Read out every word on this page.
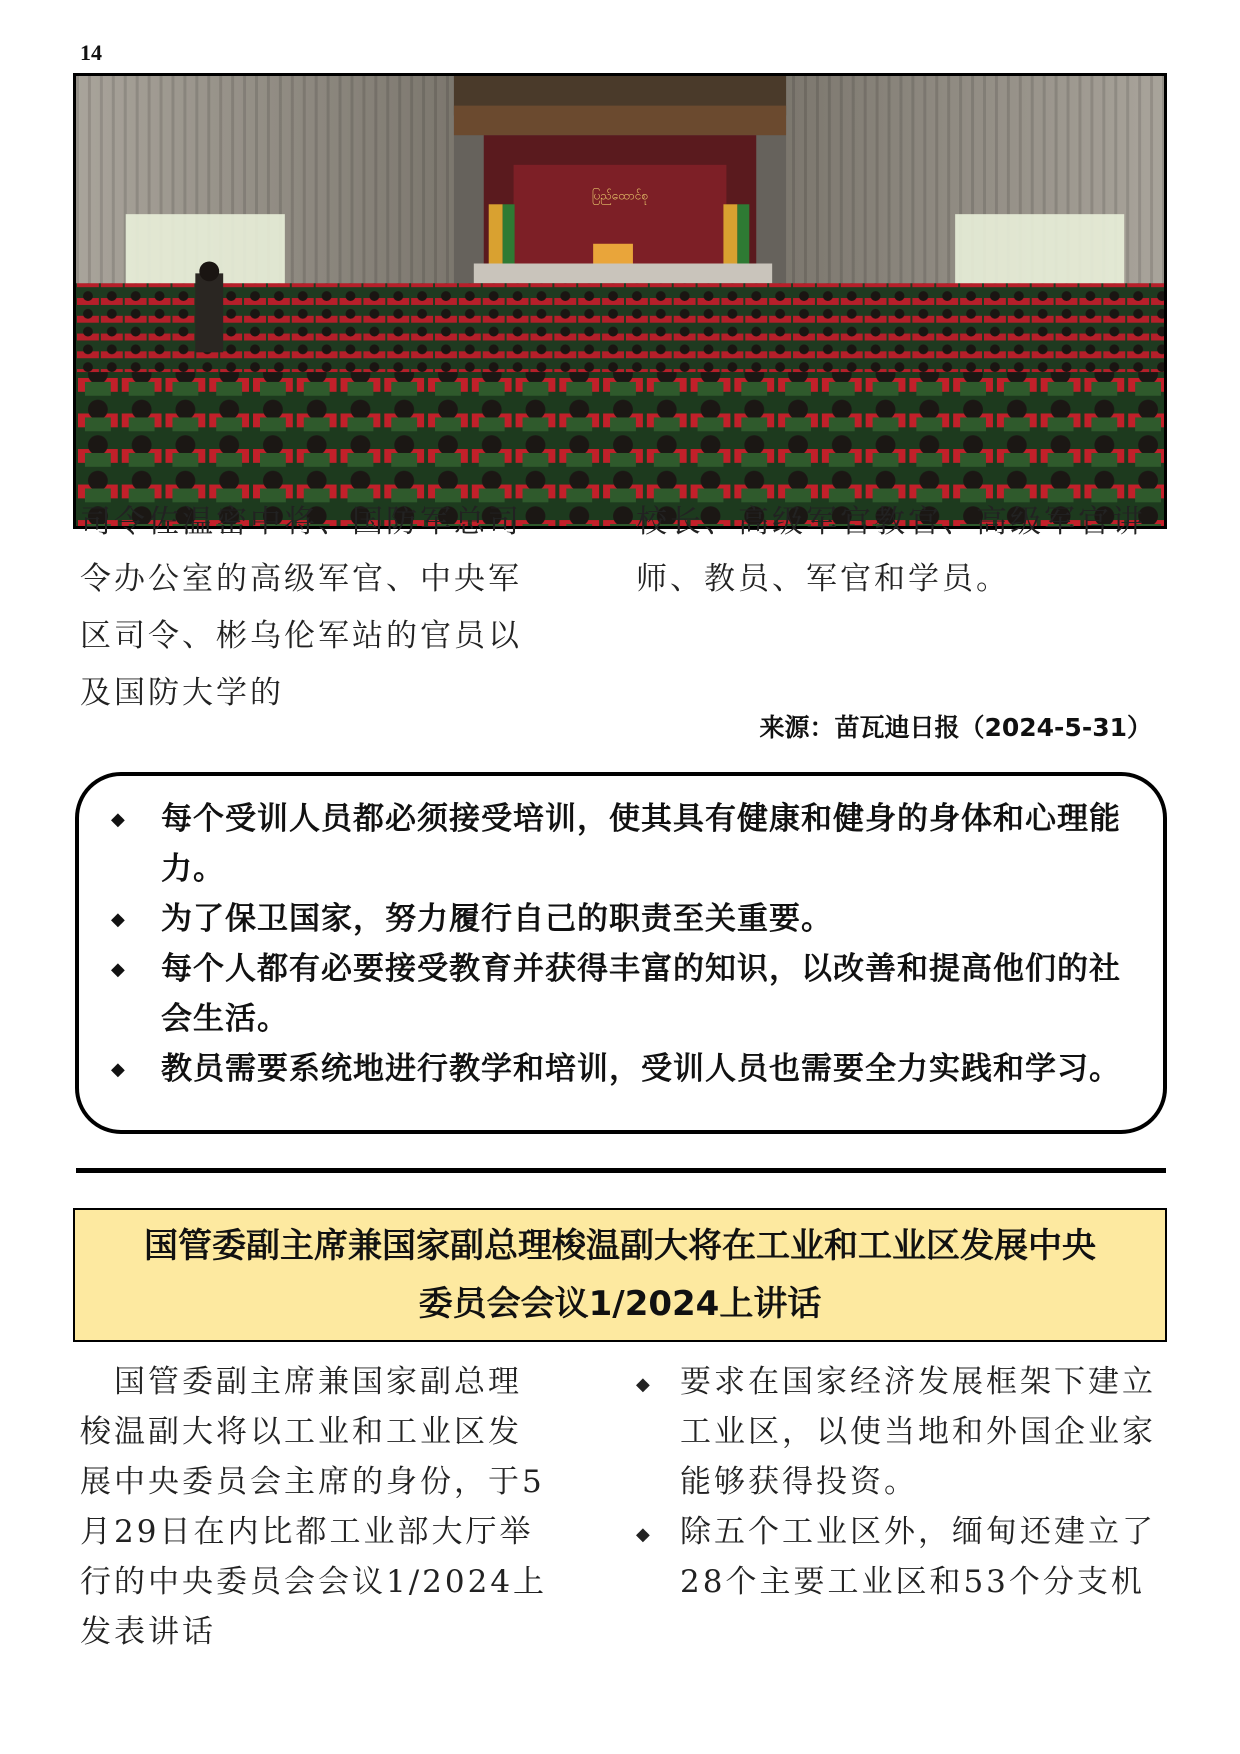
14
ပြည်ထောင်စု

司令佐温密中将、国防军总司令办公室的高级军官、中央军区司令、彬乌伦军站的官员以及国防大学的

校长、高级军官教官、高级军官讲师、教员、军官和学员。

来源：苗瓦迪日报（2024-5-31）
◆ 每个受训人员都必须接受培训，使其具有健康和健身的身体和心理能力。
◆ 为了保卫国家，努力履行自己的职责至关重要。
◆ 每个人都有必要接受教育并获得丰富的知识，以改善和提高他们的社会生活。
◆ 教员需要系统地进行教学和培训，受训人员也需要全力实践和学习。
国管委副主席兼国家副总理梭温副大将在工业和工业区发展中央
委员会会议1/2024上讲话

国管委副主席兼国家副总理梭温副大将以工业和工业区发展中央委员会主席的身份，于5月29日在内比都工业部大厅举行的中央委员会会议1/2024上发表讲话

◆ 要求在国家经济发展框架下建立工业区，以使当地和外国企业家能够获得投资。
◆ 除五个工业区外，缅甸还建立了28个主要工业区和53个分支机
